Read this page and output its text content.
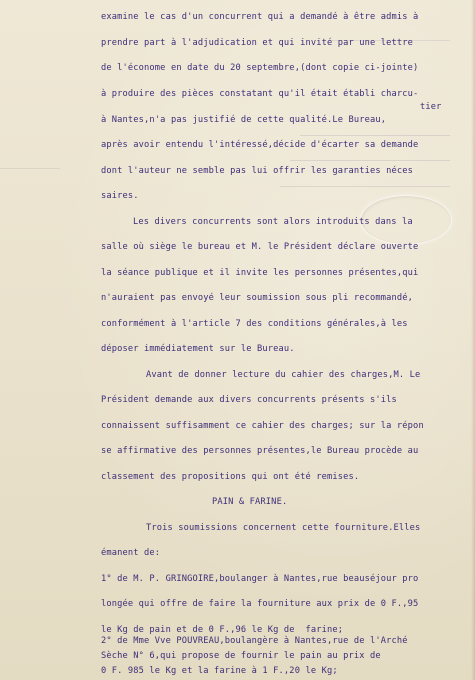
examine le cas d'un concurrent qui a demandé à être admis à
prendre part à l'adjudication et qui invité par une lettre
de l'économe en date du 20 septembre,(dont copie ci-jointe)
à produire des pièces constatant qu'il était établi charcu-
tier
à Nantes,n'a pas justifié de cette qualité.Le Bureau,
après avoir entendu l'intéressé,décide d'écarter sa demande
dont l'auteur ne semble pas lui offrir les garanties néces
saires.
Les divers concurrents sont alors introduits dans la
salle où siège le bureau et M. le Président déclare ouverte
la séance publique et il invite les personnes présentes,qui
n'auraient pas envoyé leur soumission sous pli recommandé,
conformément à l'article 7 des conditions générales,à les
déposer immédiatement sur le Bureau.
Avant de donner lecture du cahier des charges,M. Le
Président demande aux divers concurrents présents s'ils
connaissent suffisamment ce cahier des charges; sur la répon
se affirmative des personnes présentes,le Bureau procède au
classement des propositions qui ont été remises.
PAIN & FARINE.
Trois soumissions concernent cette fourniture.Elles
émanent de:
1° de M. P. GRINGOIRE,boulanger à Nantes,rue beauséjour pro
longée qui offre de faire la fourniture aux prix de 0 F.,95
le Kg de pain et de 0 F.,96 le Kg de  farine;
2° de Mme Vve POUVREAU,boulangère à Nantes,rue de l'Arché
Sèche N° 6,qui propose de fournir le pain au prix de
0 F. 985 le Kg et la farine à 1 F.,20 le Kg;
